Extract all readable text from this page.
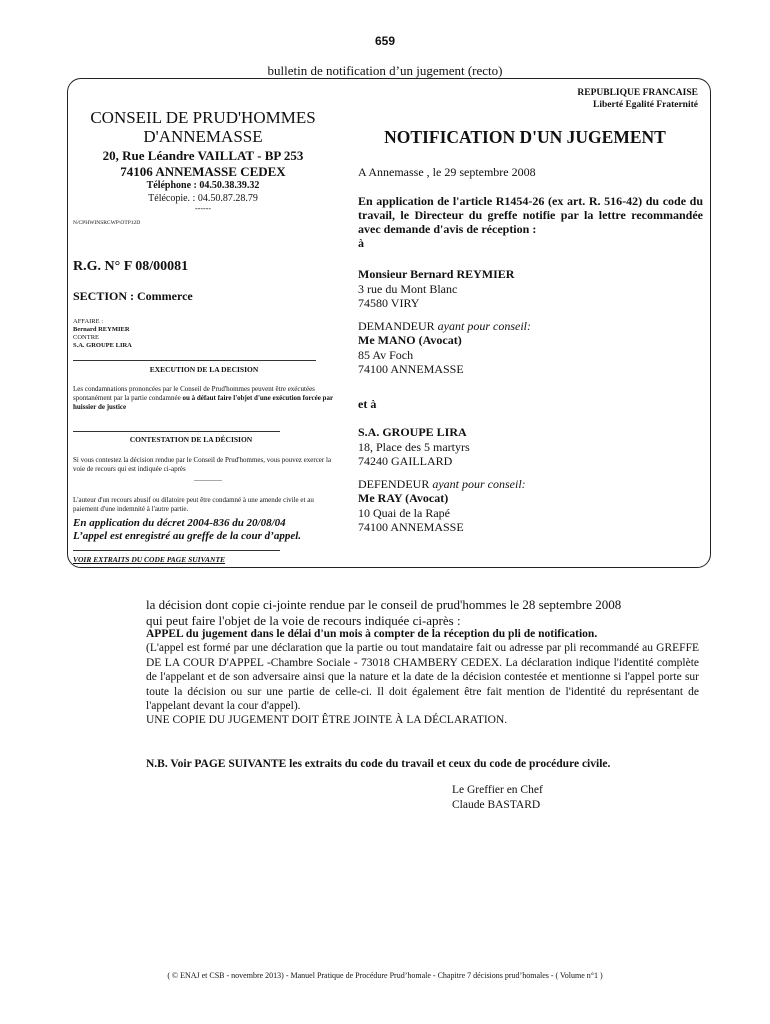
659
bulletin de notification d’un jugement (recto)
REPUBLIQUE FRANCAISE
Liberté Egalité Fraternité
CONSEIL DE PRUD'HOMMES
D'ANNEMASSE
20, Rue Léandre VAILLAT - BP 253
74106 ANNEMASSE CEDEX
Téléphone : 04.50.38.39.32
Télécopie. : 04.50.87.28.79
------
N/CPHWINSRCWP\OTP12D
R.G. N° F 08/00081
SECTION : Commerce
AFFAIRE :
Bernard REYMIER
CONTRE
S.A. GROUPE LIRA
EXECUTION DE LA DECISION
Les condamnations prononcées par le Conseil de Prud'hommes peuvent être exécutées spontanément par la partie condamnée ou à défaut faire l'objet d'une exécution forcée par huissier de justice
CONTESTATION DE LA DÉCISION
Si vous contestez la décision rendue par le Conseil de Prud'hommes, vous pouvez exercer la voie de recours qui est indiquée ci-après
————
L'auteur d'un recours abusif ou dilatoire peut être condamné à une amende civile et au paiement d'une indemnité à l'autre partie.
En application du décret 2004-836 du 20/08/04
L’appel est enregistré au greffe de la cour d’appel.
VOIR EXTRAITS DU CODE PAGE SUIVANTE
NOTIFICATION D'UN JUGEMENT
A Annemasse , le 29 septembre 2008
En application de l'article R1454-26 (ex art. R. 516-42) du code du travail, le Directeur du greffe notifie par la lettre recommandée avec demande d'avis de réception :
à
Monsieur Bernard REYMIER
3 rue du Mont Blanc
74580 VIRY
DEMANDEUR ayant pour conseil:
Me MANO (Avocat)
85 Av Foch
74100 ANNEMASSE
et à
S.A. GROUPE LIRA
18, Place des 5 martyrs
74240 GAILLARD
DEFENDEUR ayant pour conseil:
Me RAY (Avocat)
10 Quai de la Rapé
74100 ANNEMASSE
la décision dont copie ci-jointe rendue par le conseil de prud'hommes le 28 septembre 2008
qui peut faire l'objet de la voie de recours indiquée ci-après :
APPEL du jugement dans le délai d'un mois à compter de la réception du pli de notification.
(L'appel est formé par une déclaration que la partie ou tout mandataire fait ou adresse par pli recommandé au GREFFE DE LA COUR D'APPEL -Chambre Sociale - 73018 CHAMBERY CEDEX. La déclaration indique l'identité complète de l'appelant et de son adversaire ainsi que la nature et la date de la décision contestée et mentionne si l'appel porte sur toute la décision ou sur une partie de celle-ci. Il doit également être fait mention de l'identité du représentant de l'appelant devant la cour d'appel).
UNE COPIE DU JUGEMENT DOIT ÊTRE JOINTE À LA DÉCLARATION.
N.B. Voir PAGE SUIVANTE les extraits du code du travail et ceux du code de procédure civile.
Le Greffier en Chef
Claude BASTARD
( © ENAJ et CSB - novembre 2013) - Manuel Pratique de Procédure Prud’homale - Chapitre 7 décisions prud’homales - ( Volume n°1 )
